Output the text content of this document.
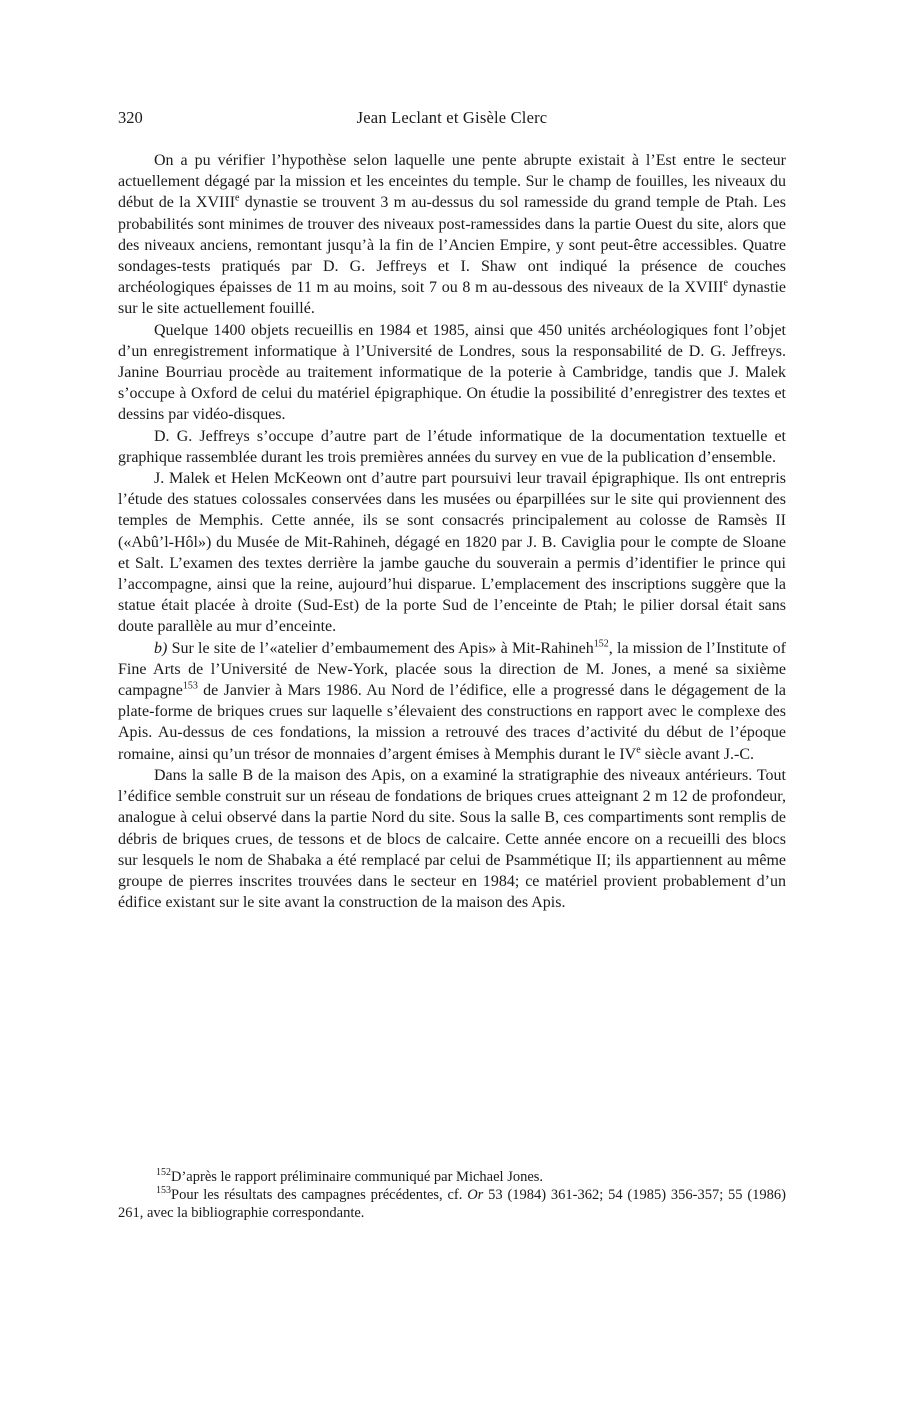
320	Jean Leclant et Gisèle Clerc

On a pu vérifier l’hypothèse selon laquelle une pente abrupte existait à l’Est entre le secteur actuellement dégagé par la mission et les enceintes du temple. Sur le champ de fouilles, les niveaux du début de la XVIIIe dynastie se trouvent 3 m au-dessus du sol ramesside du grand temple de Ptah. Les probabilités sont minimes de trouver des niveaux post-ramessides dans la partie Ouest du site, alors que des niveaux anciens, remontant jusqu’à la fin de l’Ancien Empire, y sont peut-être accessibles. Quatre sondages-tests pratiqués par D. G. Jeffreys et I. Shaw ont indiqué la présence de couches archéologiques épaisses de 11 m au moins, soit 7 ou 8 m au-dessous des niveaux de la XVIIIe dynastie sur le site actuellement fouillé.

Quelque 1400 objets recueillis en 1984 et 1985, ainsi que 450 unités archéologiques font l’objet d’un enregistrement informatique à l’Université de Londres, sous la responsabilité de D. G. Jeffreys. Janine Bourriau procède au traitement informatique de la poterie à Cambridge, tandis que J. Malek s’occupe à Oxford de celui du matériel épigraphique. On étudie la possibilité d’enregistrer des textes et dessins par vidéo-disques.

D. G. Jeffreys s’occupe d’autre part de l’étude informatique de la documentation textuelle et graphique rassemblée durant les trois premières années du survey en vue de la publication d’ensemble.

J. Malek et Helen McKeown ont d’autre part poursuivi leur travail épigraphique. Ils ont entrepris l’étude des statues colossales conservées dans les musées ou éparpillées sur le site qui proviennent des temples de Memphis. Cette année, ils se sont consacrés principalement au colosse de Ramsès II («Abû’l-Hôl») du Musée de Mit-Rahineh, dégagé en 1820 par J. B. Caviglia pour le compte de Sloane et Salt. L’examen des textes derrière la jambe gauche du souverain a permis d’identifier le prince qui l’accompagne, ainsi que la reine, aujourd’hui disparue. L’emplacement des inscriptions suggère que la statue était placée à droite (Sud-Est) de la porte Sud de l’enceinte de Ptah; le pilier dorsal était sans doute parallèle au mur d’enceinte.

b) Sur le site de l’«atelier d’embaumement des Apis» à Mit-Rahineh$^{152}$, la mission de l’Institute of Fine Arts de l’Université de New-York, placée sous la direction de M. Jones, a mené sa sixième campagne$^{153}$ de Janvier à Mars 1986. Au Nord de l’édifice, elle a progressé dans le dégagement de la plate-forme de briques crues sur laquelle s’élevaient des constructions en rapport avec le complexe des Apis. Au-dessus de ces fondations, la mission a retrouvé des traces d’activité du début de l’époque romaine, ainsi qu’un trésor de monnaies d’argent émises à Memphis durant le IVe siècle avant J.-C.

Dans la salle B de la maison des Apis, on a examiné la stratigraphie des niveaux antérieurs. Tout l’édifice semble construit sur un réseau de fondations de briques crues atteignant 2 m 12 de profondeur, analogue à celui observé dans la partie Nord du site. Sous la salle B, ces compartiments sont remplis de débris de briques crues, de tessons et de blocs de calcaire. Cette année encore on a recueilli des blocs sur lesquels le nom de Shabaka a été remplacé par celui de Psammétique II; ils appartiennent au même groupe de pierres inscrites trouvées dans le secteur en 1984; ce matériel provient probablement d’un édifice existant sur le site avant la construction de la maison des Apis.

$^{152}$D’après le rapport préliminaire communiqué par Michael Jones.

$^{153}$Pour les résultats des campagnes précédentes, cf. Or 53 (1984) 361-362; 54 (1985) 356-357; 55 (1986) 261, avec la bibliographie correspondante.
